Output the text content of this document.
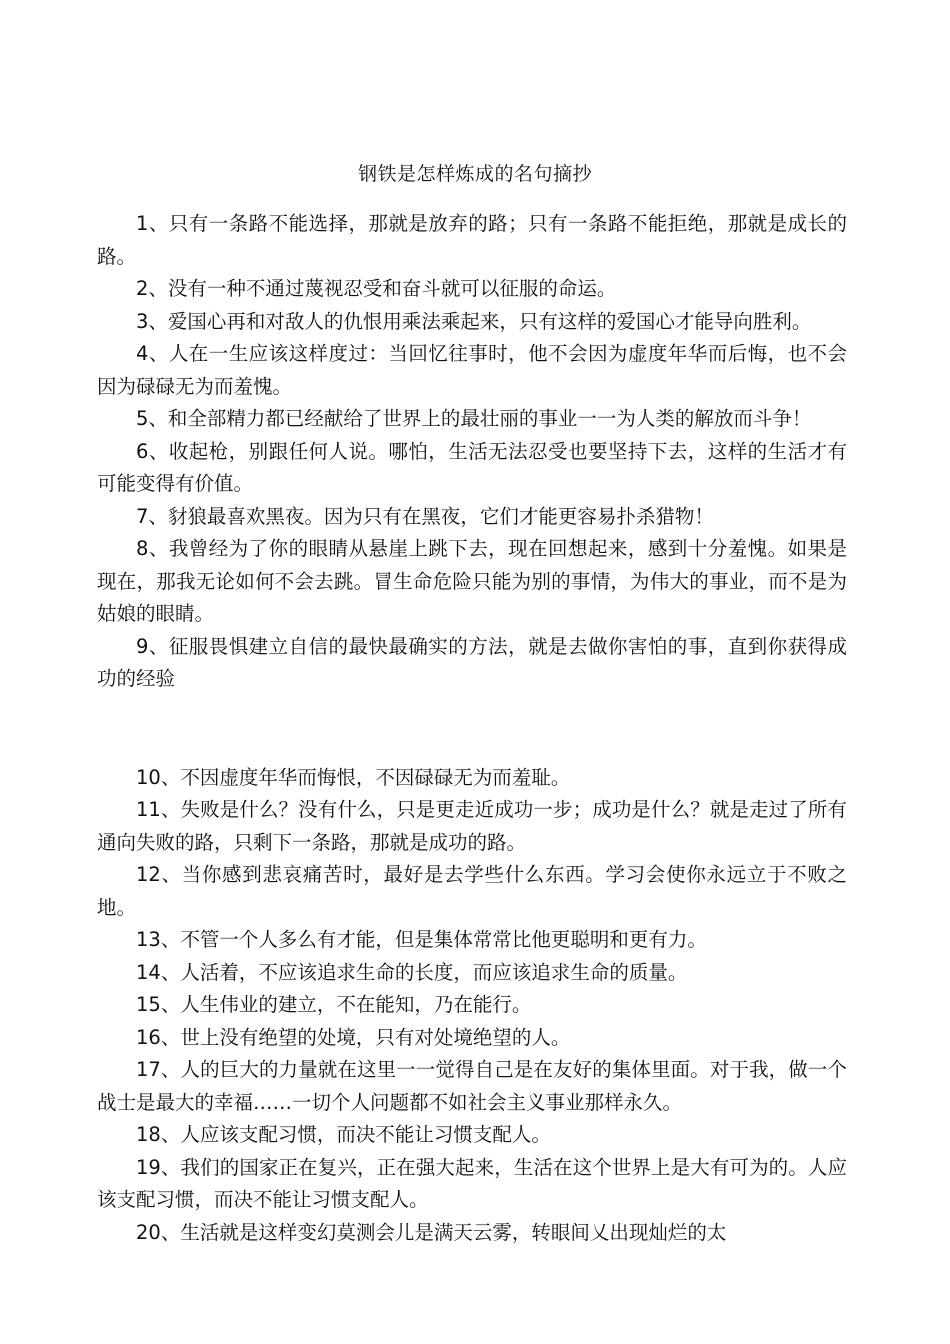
钢铁是怎样炼成的名句摘抄

1、只有一条路不能选择，那就是放弃的路；只有一条路不能拒绝，那就是成长的路。

2、没有一种不通过蔑视忍受和奋斗就可以征服的命运。

3、爱国心再和对敌人的仇恨用乘法乘起来，只有这样的爱国心才能导向胜利。

4、人在一生应该这样度过：当回忆往事时，他不会因为虚度年华而后悔，也不会因为碌碌无为而羞愧。

5、和全部精力都已经献给了世界上的最壮丽的事业一一为人类的解放而斗争！

6、收起枪，别跟任何人说。哪怕，生活无法忍受也要坚持下去，这样的生活才有可能变得有价值。

7、豺狼最喜欢黑夜。因为只有在黑夜，它们才能更容易扑杀猎物！

8、我曾经为了你的眼睛从悬崖上跳下去，现在回想起来，感到十分羞愧。如果是现在，那我无论如何不会去跳。冒生命危险只能为别的事情，为伟大的事业，而不是为姑娘的眼睛。

9、征服畏惧建立自信的最快最确实的方法，就是去做你害怕的事，直到你获得成功的经验

10、不因虚度年华而悔恨，不因碌碌无为而羞耻。

11、失败是什么？没有什么，只是更走近成功一步；成功是什么？就是走过了所有通向失败的路，只剩下一条路，那就是成功的路。

12、当你感到悲哀痛苦时，最好是去学些什么东西。学习会使你永远立于不败之地。

13、不管一个人多么有才能，但是集体常常比他更聪明和更有力。

14、人活着，不应该追求生命的长度，而应该追求生命的质量。

15、人生伟业的建立，不在能知，乃在能行。

16、世上没有绝望的处境，只有对处境绝望的人。

17、人的巨大的力量就在这里一一觉得自己是在友好的集体里面。对于我，做一个战士是最大的幸福……一切个人问题都不如社会主义事业那样永久。

18、人应该支配习惯，而决不能让习惯支配人。

19、我们的国家正在复兴，正在强大起来，生活在这个世界上是大有可为的。人应该支配习惯，而决不能让习惯支配人。

20、生活就是这样变幻莫测会儿是满天云雾，转眼间乂出现灿烂的太
